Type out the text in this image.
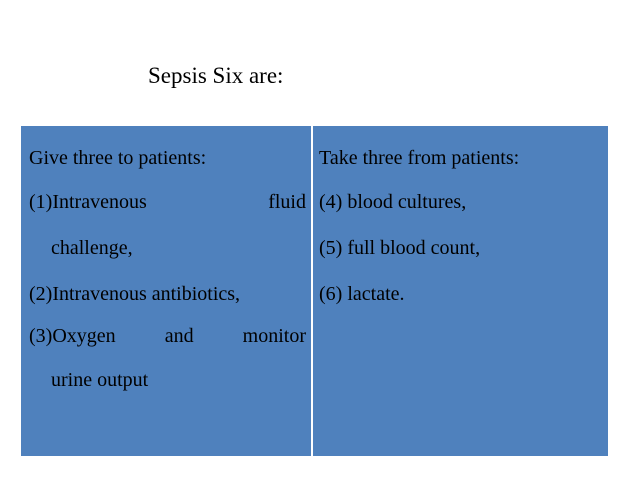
Sepsis Six are:
Give three to patients:
(1)Intravenous	fluid
challenge,
(2)Intravenous antibiotics,
(3)Oxygen and monitor
urine output
Take three from patients:
(4) blood cultures,
(5) full blood count,
(6) lactate.
